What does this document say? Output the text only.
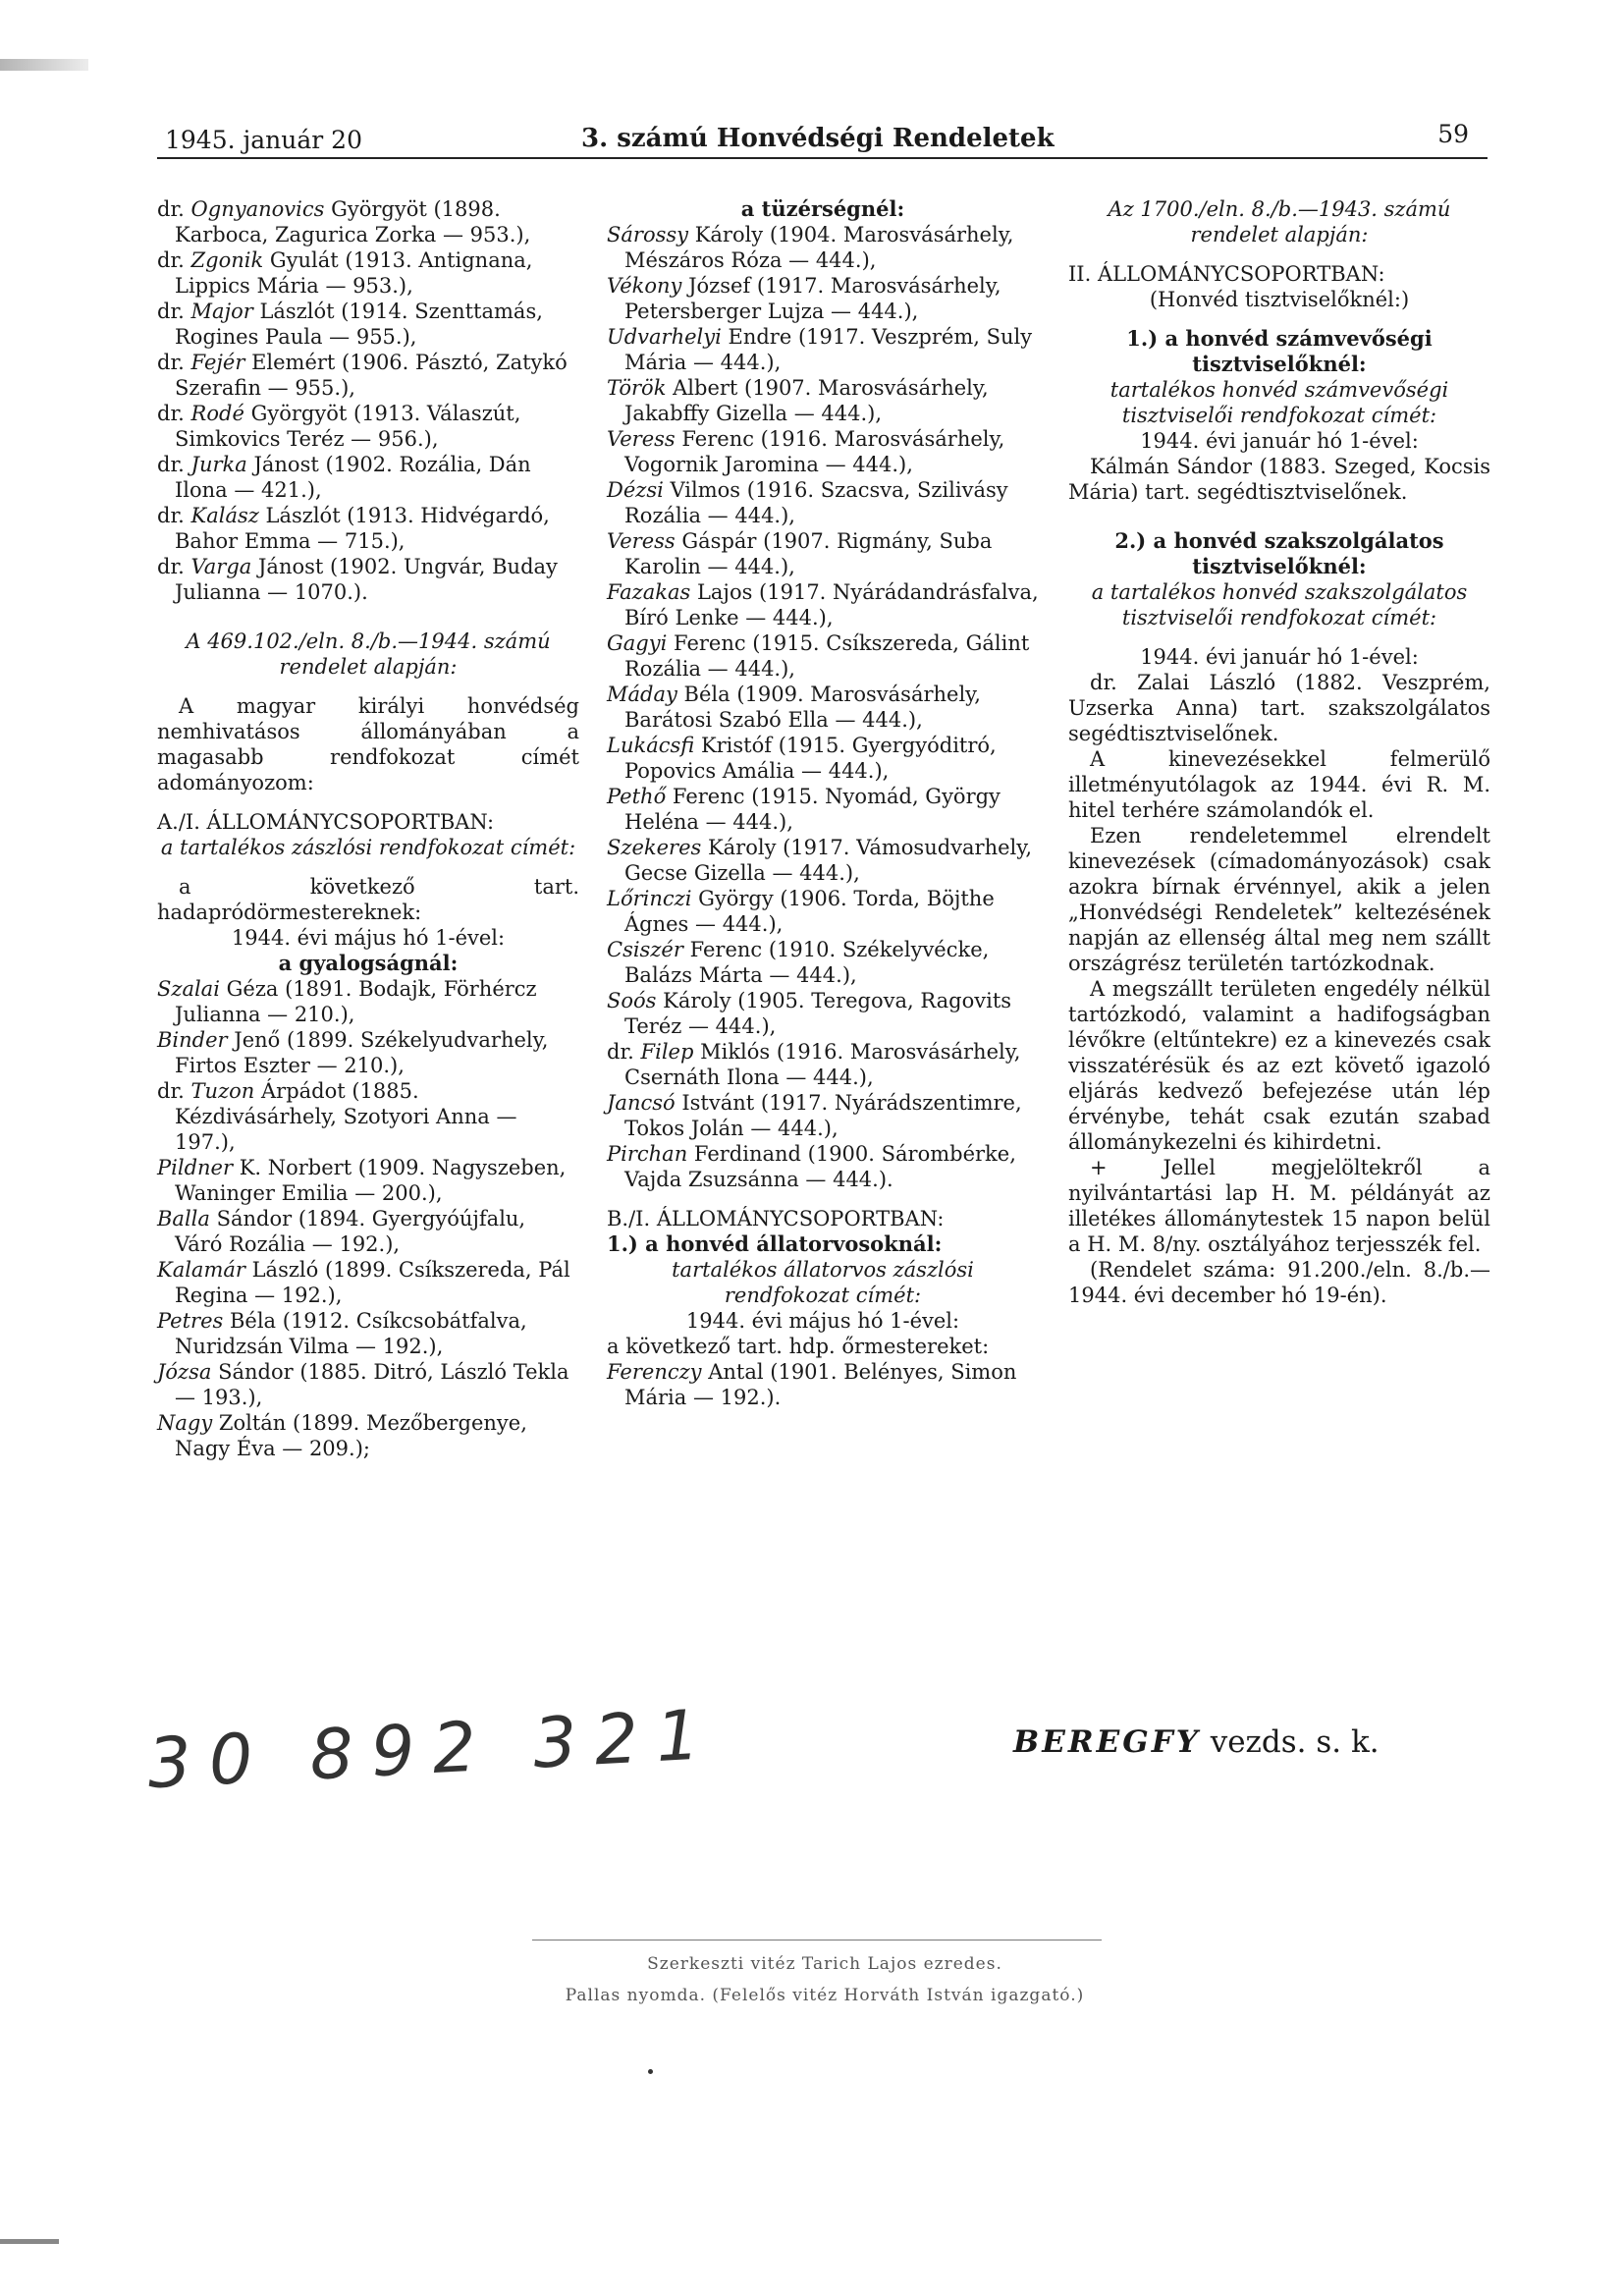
1945. január 20	3. számú Honvédségi Rendeletek	59

dr. Ognyanovics Györgyöt (1898. Karboca, Zagurica Zorka — 953.),

dr. Zgonik Gyulát (1913. Antignana, Lippics Mária — 953.),

dr. Major Lászlót (1914. Szenttamás, Rogines Paula — 955.),

dr. Fejér Elemért (1906. Pásztó, Zatykó Szerafin — 955.),

dr. Rodé Györgyöt (1913. Válaszút, Simkovics Teréz — 956.),

dr. Jurka Jánost (1902. Rozália, Dán Ilona — 421.),

dr. Kalász Lászlót (1913. Hidvégardó, Bahor Emma — 715.),

dr. Varga Jánost (1902. Ungvár, Buday Julianna — 1070.).

A 469.102./eln. 8./b.—1944. számú rendelet alapján:

A magyar királyi honvédség nemhivatásos állományában a magasabb rendfokozat címét adományozom:

A./I. ÁLLOMÁNYCSOPORTBAN:

a tartalékos zászlósi rendfokozat címét:

a következő tart. hadapródörmestereknek:

1944. évi május hó 1-ével:

a gyalogságnál:

Szalai Géza (1891. Bodajk, Förhércz Julianna — 210.),

Binder Jenő (1899. Székelyudvarhely, Firtos Eszter — 210.),

dr. Tuzon Árpádot (1885. Kézdivásárhely, Szotyori Anna — 197.),

Pildner K. Norbert (1909. Nagyszeben, Waninger Emilia — 200.),

Balla Sándor (1894. Gyergyóújfalu, Váró Rozália — 192.),

Kalamár László (1899. Csíkszereda, Pál Regina — 192.),

Petres Béla (1912. Csíkcsobátfalva, Nuridzsán Vilma — 192.),

Józsa Sándor (1885. Ditró, László Tekla — 193.),

Nagy Zoltán (1899. Mezőbergenye, Nagy Éva — 209.);

a tüzérségnél:

Sárossy Károly (1904. Marosvásárhely, Mészáros Róza — 444.),

Vékony József (1917. Marosvásárhely, Petersberger Lujza — 444.),

Udvarhelyi Endre (1917. Veszprém, Suly Mária — 444.),

Török Albert (1907. Marosvásárhely, Jakabffy Gizella — 444.),

Veress Ferenc (1916. Marosvásárhely, Vogornik Jaromina — 444.),

Dézsi Vilmos (1916. Szacsva, Szilivásy Rozália — 444.),

Veress Gáspár (1907. Rigmány, Suba Karolin — 444.),

Fazakas Lajos (1917. Nyárádandrásfalva, Bíró Lenke — 444.),

Gagyi Ferenc (1915. Csíkszereda, Gálint Rozália — 444.),

Máday Béla (1909. Marosvásárhely, Barátosi Szabó Ella — 444.),

Lukácsfi Kristóf (1915. Gyergyóditró, Popovics Amália — 444.),

Pethő Ferenc (1915. Nyomád, György Heléna — 444.),

Szekeres Károly (1917. Vámosudvarhely, Gecse Gizella — 444.),

Lőrinczi György (1906. Torda, Böjthe Ágnes — 444.),

Csiszér Ferenc (1910. Székelyvécke, Balázs Márta — 444.),

Soós Károly (1905. Teregova, Ragovits Teréz — 444.),

dr. Filep Miklós (1916. Marosvásárhely, Csernáth Ilona — 444.),

Jancsó Istvánt (1917. Nyárádszentimre, Tokos Jolán — 444.),

Pirchan Ferdinand (1900. Sárombérke, Vajda Zsuzsánna — 444.).

B./I. ÁLLOMÁNYCSOPORTBAN:

1.) a honvéd állatorvosoknál:

tartalékos állatorvos zászlósi rendfokozat címét:

1944. évi május hó 1-ével:

a következő tart. hdp. őrmestereket:

Ferenczy Antal (1901. Belényes, Simon Mária — 192.).

Az 1700./eln. 8./b.—1943. számú rendelet alapján:

II. ÁLLOMÁNYCSOPORTBAN:

(Honvéd tisztviselőknél:)

1.) a honvéd számvevőségi tisztviselőknél:

tartalékos honvéd számvevőségi tisztviselői rendfokozat címét:

1944. évi január hó 1-ével:

Kálmán Sándor (1883. Szeged, Kocsis Mária) tart. segédtisztviselőnek.

2.) a honvéd szakszolgálatos tisztviselőknél:

a tartalékos honvéd szakszolgálatos tisztviselői rendfokozat címét:

1944. évi január hó 1-ével:

dr. Zalai László (1882. Veszprém, Uzserka Anna) tart. szakszolgálatos segédtisztviselőnek.

A kinevezésekkel felmerülő illetményutólagok az 1944. évi R. M. hitel terhére számolandók el.

Ezen rendeletemmel elrendelt kinevezések (címadományozások) csak azokra bírnak érvénnyel, akik a jelen „Honvédségi Rendeletek” keltezésének napján az ellenség által meg nem szállt országrész területén tartózkodnak.

A megszállt területen engedély nélkül tartózkodó, valamint a hadifogságban lévőkre (eltűntekre) ez a kinevezés csak visszatérésük és az ezt követő igazoló eljárás kedvező befejezése után lép érvénybe, tehát csak ezután szabad állománykezelni és kihirdetni.

+ Jellel megjelöltekről a nyilvántartási lap H. M. példányát az illetékes állománytestek 15 napon belül a H. M. 8/ny. osztályához terjesszék fel.

(Rendelet száma: 91.200./eln. 8./b.—1944. évi december hó 19-én).

30 892 321	BEREGFY vezds. s. k.
Szerkeszti vitéz Tarich Lajos ezredes.
Pallas nyomda. (Felelős vitéz Horváth István igazgató.)
